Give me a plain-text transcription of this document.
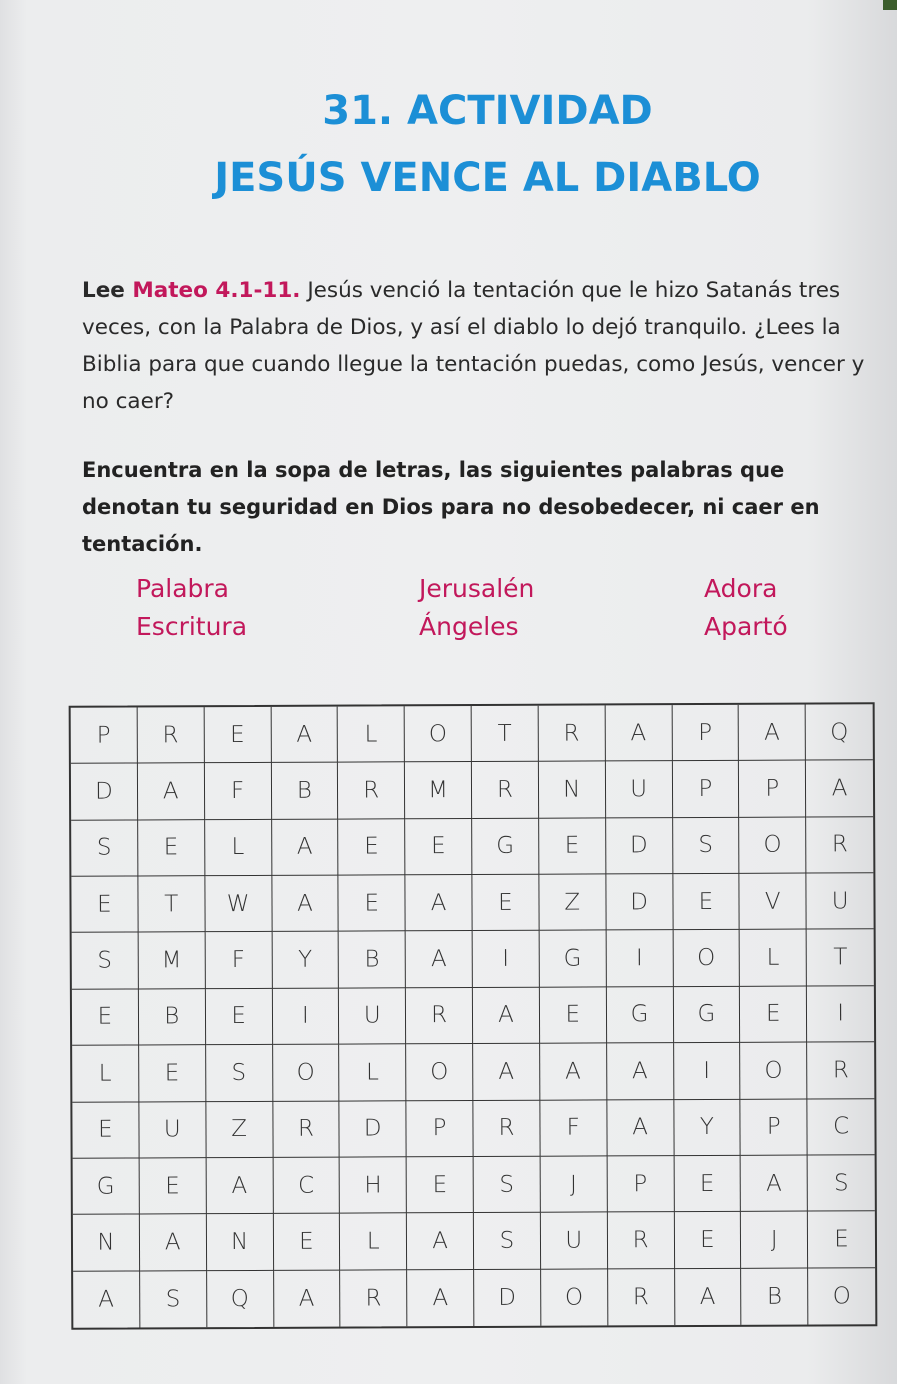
31. ACTIVIDAD
JESÚS VENCE AL DIABLO
Lee Mateo 4.1-11. Jesús venció la tentación que le hizo Satanás tres veces, con la Palabra de Dios, y así el diablo lo dejó tranquilo. ¿Lees la Biblia para que cuando llegue la tentación puedas, como Jesús, vencer y no caer?
Encuentra en la sopa de letras, las siguientes palabras que denotan tu seguridad en Dios para no desobedecer, ni caer en tentación.
Palabra	Jerusalén	Adora
Escritura	Ángeles	Apartó
P	R	E	A	L	O	T	R	A	P	A	Q
D	A	F	B	R	M	R	N	U	P	P	A
S	E	L	A	E	E	G	E	D	S	O	R
E	T	W	A	E	A	E	Z	D	E	V	U
S	M	F	Y	B	A	I	G	I	O	L	T
E	B	E	I	U	R	A	E	G	G	E	I
L	E	S	O	L	O	A	A	A	I	O	R
E	U	Z	R	D	P	R	F	A	Y	P	C
G	E	A	C	H	E	S	J	P	E	A	S
N	A	N	E	L	A	S	U	R	E	J	E
A	S	Q	A	R	A	D	O	R	A	B	O
